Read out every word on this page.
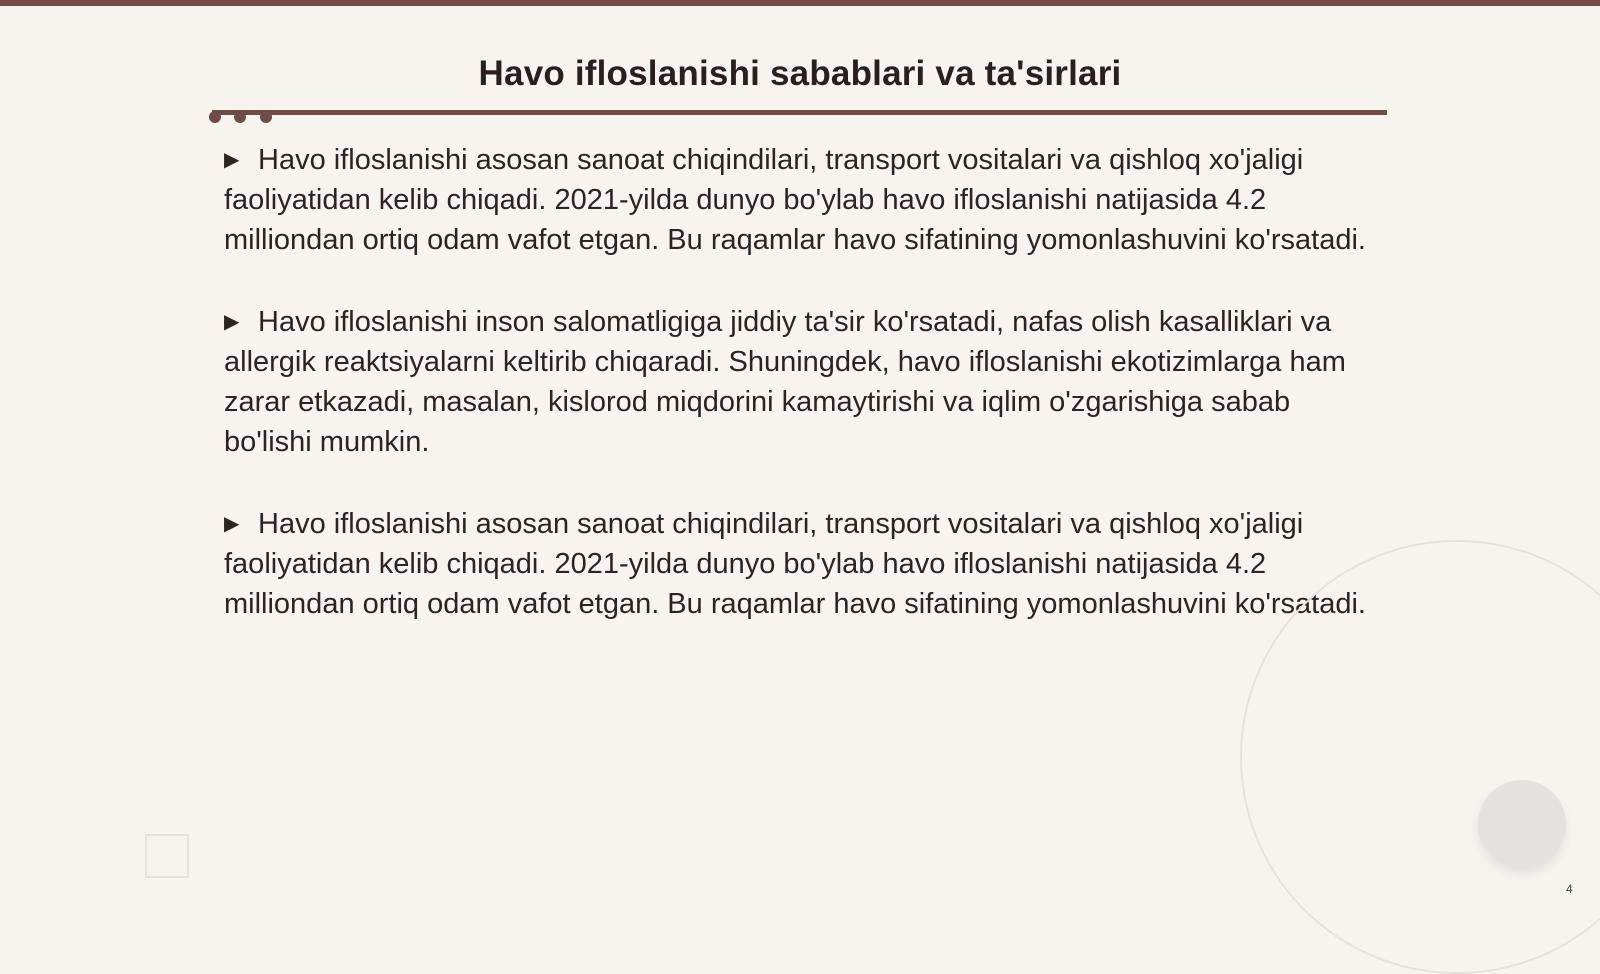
Havo ifloslanishi sabablari va ta'sirlari

▶ Havo ifloslanishi asosan sanoat chiqindilari, transport vositalari va qishloq xo'jaligi faoliyatidan kelib chiqadi. 2021-yilda dunyo bo'ylab havo ifloslanishi natijasida 4.2 milliondan ortiq odam vafot etgan. Bu raqamlar havo sifatining yomonlashuvini ko'rsatadi.

▶ Havo ifloslanishi inson salomatligiga jiddiy ta'sir ko'rsatadi, nafas olish kasalliklari va allergik reaktsiyalarni keltirib chiqaradi. Shuningdek, havo ifloslanishi ekotizimlarga ham zarar etkazadi, masalan, kislorod miqdorini kamaytirishi va iqlim o'zgarishiga sabab bo'lishi mumkin.

▶ Havo ifloslanishi asosan sanoat chiqindilari, transport vositalari va qishloq xo'jaligi faoliyatidan kelib chiqadi. 2021-yilda dunyo bo'ylab havo ifloslanishi natijasida 4.2 milliondan ortiq odam vafot etgan. Bu raqamlar havo sifatining yomonlashuvini ko'rsatadi.

4
